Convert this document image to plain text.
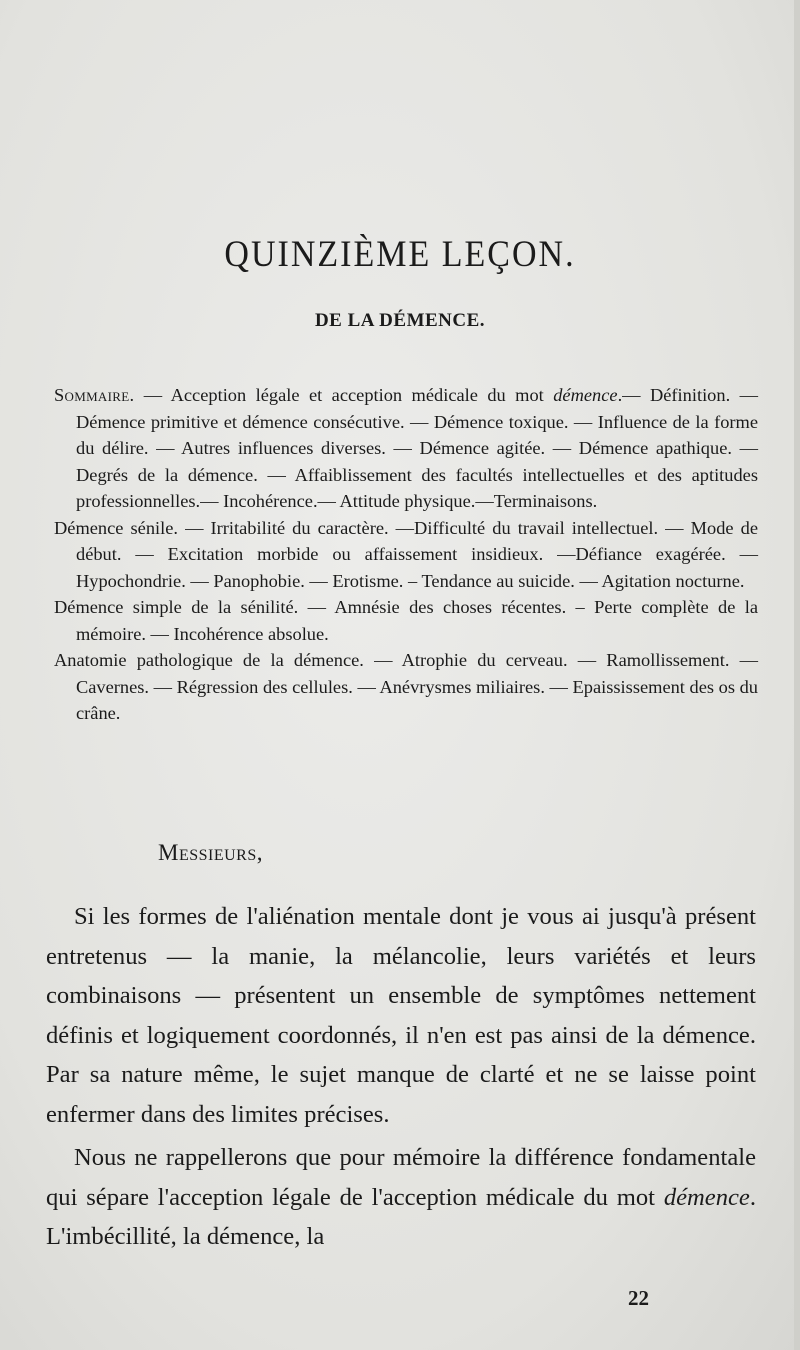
QUINZIÈME LEÇON.
DE LA DÉMENCE.

Sommaire. — Acception légale et acception médicale du mot démence.— Définition. — Démence primitive et démence consécutive. — Démence toxique. — Influence de la forme du délire. — Autres influences diverses. — Démence agitée. — Démence apathique. — Degrés de la démence. — Affaiblissement des facultés intellectuelles et des aptitudes professionnelles.— Incohérence.— Attitude physique.—Terminaisons.

Démence sénile. — Irritabilité du caractère. —Difficulté du travail intellectuel. — Mode de début. — Excitation morbide ou affaissement insidieux. —Défiance exagérée. — Hypochondrie. — Panophobie. — Erotisme. – Tendance au suicide. — Agitation nocturne.

Démence simple de la sénilité. — Amnésie des choses récentes. – Perte complète de la mémoire. — Incohérence absolue.

Anatomie pathologique de la démence. — Atrophie du cerveau. — Ramollissement. — Cavernes. — Régression des cellules. — Anévrysmes miliaires. — Epaississement des os du crâne.

Messieurs,

Si les formes de l'aliénation mentale dont je vous ai jusqu'à présent entretenus — la manie, la mélancolie, leurs variétés et leurs combinaisons — présentent un ensemble de symptômes nettement définis et logiquement coordonnés, il n'en est pas ainsi de la démence. Par sa nature même, le sujet manque de clarté et ne se laisse point enfermer dans des limites précises.

Nous ne rappellerons que pour mémoire la différence fondamentale qui sépare l'acception légale de l'acception médicale du mot démence. L'imbécillité, la démence, la

22
